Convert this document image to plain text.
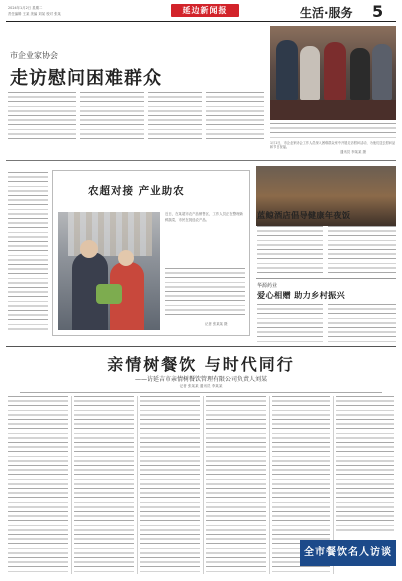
2024年1月2日 星期二
责任编辑 王某 美编 刘某 校对 张某	延边新闻报	生活·服务 5
市企业家协会
走访慰问困难群众
1月1日，市企业家协会工作人员深入困难群众家中开展走访慰问活动，为他们送去慰问品和节日祝福。
通讯员 李某某 摄
农超对接 产业助农
近日，在某超市农产品销售区，工作人员正在整理新鲜蔬菜，市民在挑选农产品。
记者 张某某 摄
蓝鲸酒店倡导健康年夜饭
华源药业
爱心相赠 助力乡村振兴
亲情树餐饮 与时代同行
——访延吉市亲情树餐饮管理有限公司负责人刘某
记者 张某某 通讯员 李某某
全市餐饮名人访谈
